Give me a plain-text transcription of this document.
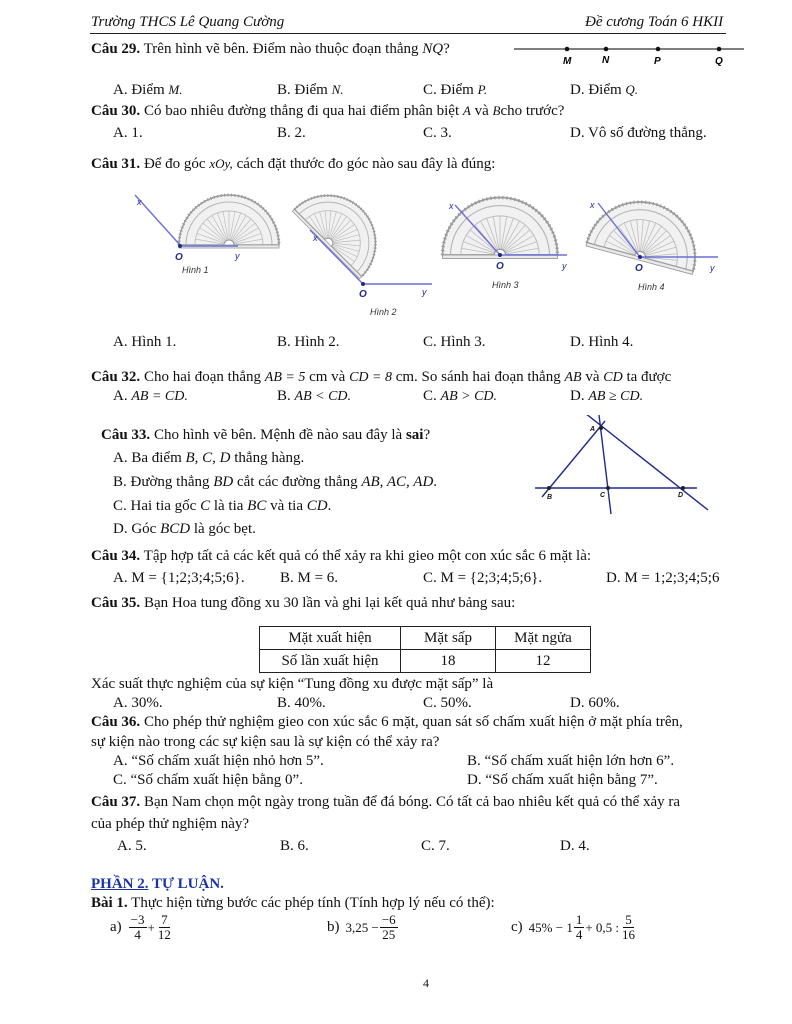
Trường THCS Lê Quang Cường	Đề cương Toán 6 HKII
Câu 29. Trên hình vẽ bên. Điểm nào thuộc đoạn thẳng NQ?
M	N	P	Q
A. Điểm M.	B. Điểm N.	C. Điểm P.	D. Điểm Q.
Câu 30. Có bao nhiêu đường thẳng đi qua hai điểm phân biệt A và Bcho trước?
A. 1.	B. 2.	C. 3.	D. Vô số đường thẳng.
Câu 31. Để đo góc xOy, cách đặt thước đo góc nào sau đây là đúng:
O
x
y
Hình 1
O
x
y
Hình 2
O
x
y
Hình 3
O
x
y
Hình 4
A. Hình 1.	B. Hình 2.	C. Hình 3.	D. Hình 4.
Câu 32. Cho hai đoạn thẳng AB = 5 cm và CD = 8 cm. So sánh hai đoạn thẳng AB và CD ta được
A. AB = CD.	B. AB < CD.	C. AB > CD.	D. AB ≥ CD.
Câu 33. Cho hình vẽ bên. Mệnh đề nào sau đây là sai?
A. Ba điểm B, C, D thẳng hàng.
B. Đường thẳng BD cắt các đường thẳng AB, AC, AD.
C. Hai tia gốc C là tia BC và tia CD.
D. Góc BCD là góc bẹt.
A
B	C	D
Câu 34. Tập hợp tất cả các kết quả có thể xảy ra khi gieo một con xúc sắc 6 mặt là:
A. M = {1;2;3;4;5;6}. B. M = 6.	C. M = {2;3;4;5;6}.	D. M = 1;2;3;4;5;6
Câu 35. Bạn Hoa tung đồng xu 30 lần và ghi lại kết quả như bảng sau:
Mặt xuất hiện	Mặt sấp	Mặt ngửa
Số lần xuất hiện	18	12
Xác suất thực nghiệm của sự kiện “Tung đồng xu được mặt sấp” là
A. 30%.	B. 40%.	C. 50%.	D. 60%.
Câu 36. Cho phép thử nghiệm gieo con xúc sắc 6 mặt, quan sát số chấm xuất hiện ở mặt phía trên,
sự kiện nào trong các sự kiện sau là sự kiện có thể xảy ra?
A. “Số chấm xuất hiện nhỏ hơn 5”.	B. “Số chấm xuất hiện lớn hơn 6”.
C. “Số chấm xuất hiện bằng 0”.	D. “Số chấm xuất hiện bằng 7”.
Câu 37. Bạn Nam chọn một ngày trong tuần để đá bóng. Có tất cả bao nhiêu kết quả có thể xảy ra
của phép thử nghiệm này?
A. 5.	B. 6.	C. 7.	D. 4.
PHẦN 2. TỰ LUẬN.
Bài 1. Thực hiện từng bước các phép tính (Tính hợp lý nếu có thể):
$a) \frac{-3}{4} + \frac{7}{12}$	b) $3,25 - \frac{-6}{25}$	c) $45\% - 1 \frac{1}{4} + 0,5$ : $\frac{5}{16}$
4
